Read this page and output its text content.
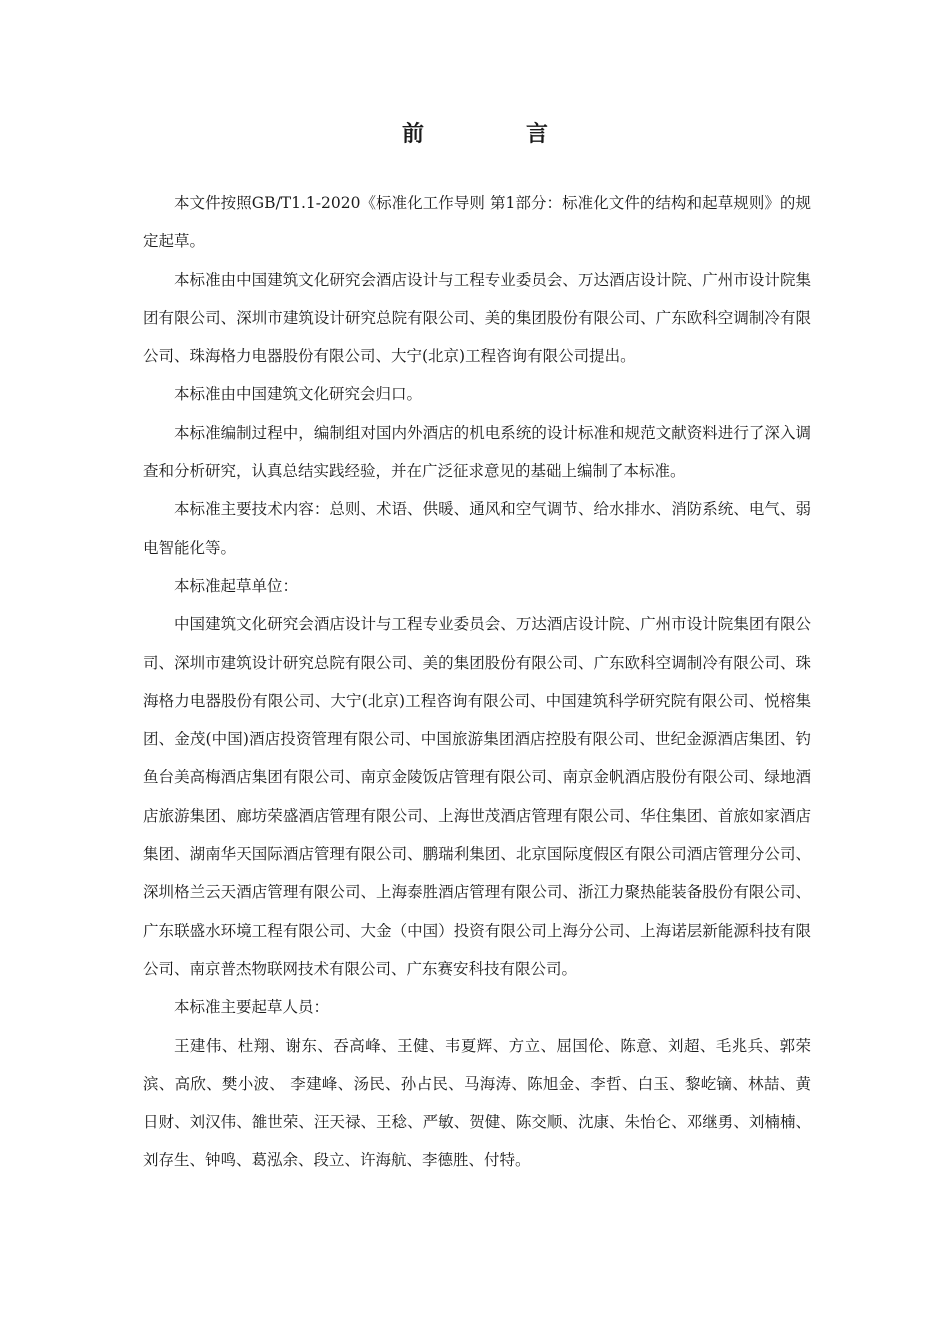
前　言

本文件按照GB/T1.1-2020《标准化工作导则 第1部分：标准化文件的结构和起草规则》的规定起草。

本标准由中国建筑文化研究会酒店设计与工程专业委员会、万达酒店设计院、广州市设计院集团有限公司、深圳市建筑设计研究总院有限公司、美的集团股份有限公司、广东欧科空调制冷有限公司、珠海格力电器股份有限公司、大宁(北京)工程咨询有限公司提出。

本标准由中国建筑文化研究会归口。

本标准编制过程中，编制组对国内外酒店的机电系统的设计标准和规范文献资料进行了深入调查和分析研究，认真总结实践经验，并在广泛征求意见的基础上编制了本标准。

本标准主要技术内容：总则、术语、供暖、通风和空气调节、给水排水、消防系统、电气、弱电智能化等。

本标准起草单位：

中国建筑文化研究会酒店设计与工程专业委员会、万达酒店设计院、广州市设计院集团有限公司、深圳市建筑设计研究总院有限公司、美的集团股份有限公司、广东欧科空调制冷有限公司、珠海格力电器股份有限公司、大宁(北京)工程咨询有限公司、中国建筑科学研究院有限公司、悦榕集团、金茂(中国)酒店投资管理有限公司、中国旅游集团酒店控股有限公司、世纪金源酒店集团、钓鱼台美高梅酒店集团有限公司、南京金陵饭店管理有限公司、南京金帆酒店股份有限公司、绿地酒店旅游集团、廊坊荣盛酒店管理有限公司、上海世茂酒店管理有限公司、华住集团、首旅如家酒店集团、湖南华天国际酒店管理有限公司、鹏瑞利集团、北京国际度假区有限公司酒店管理分公司、深圳格兰云天酒店管理有限公司、上海泰胜酒店管理有限公司、浙江力聚热能装备股份有限公司、广东联盛水环境工程有限公司、大金（中国）投资有限公司上海分公司、上海诺层新能源科技有限公司、南京普杰物联网技术有限公司、广东赛安科技有限公司。

本标准主要起草人员：

王建伟、杜翔、谢东、吞高峰、王健、韦夏辉、方立、屈国伦、陈意、刘超、毛兆兵、郭荣滨、高欣、樊小波、 李建峰、汤民、孙占民、马海涛、陈旭金、李哲、白玉、黎屹镝、林喆、黄日财、刘汉伟、雒世荣、汪天禄、王稔、严敏、贺健、陈交顺、沈康、朱怡仑、邓继勇、刘楠楠、刘存生、钟鸣、葛泓余、段立、许海航、李德胜、付特。
